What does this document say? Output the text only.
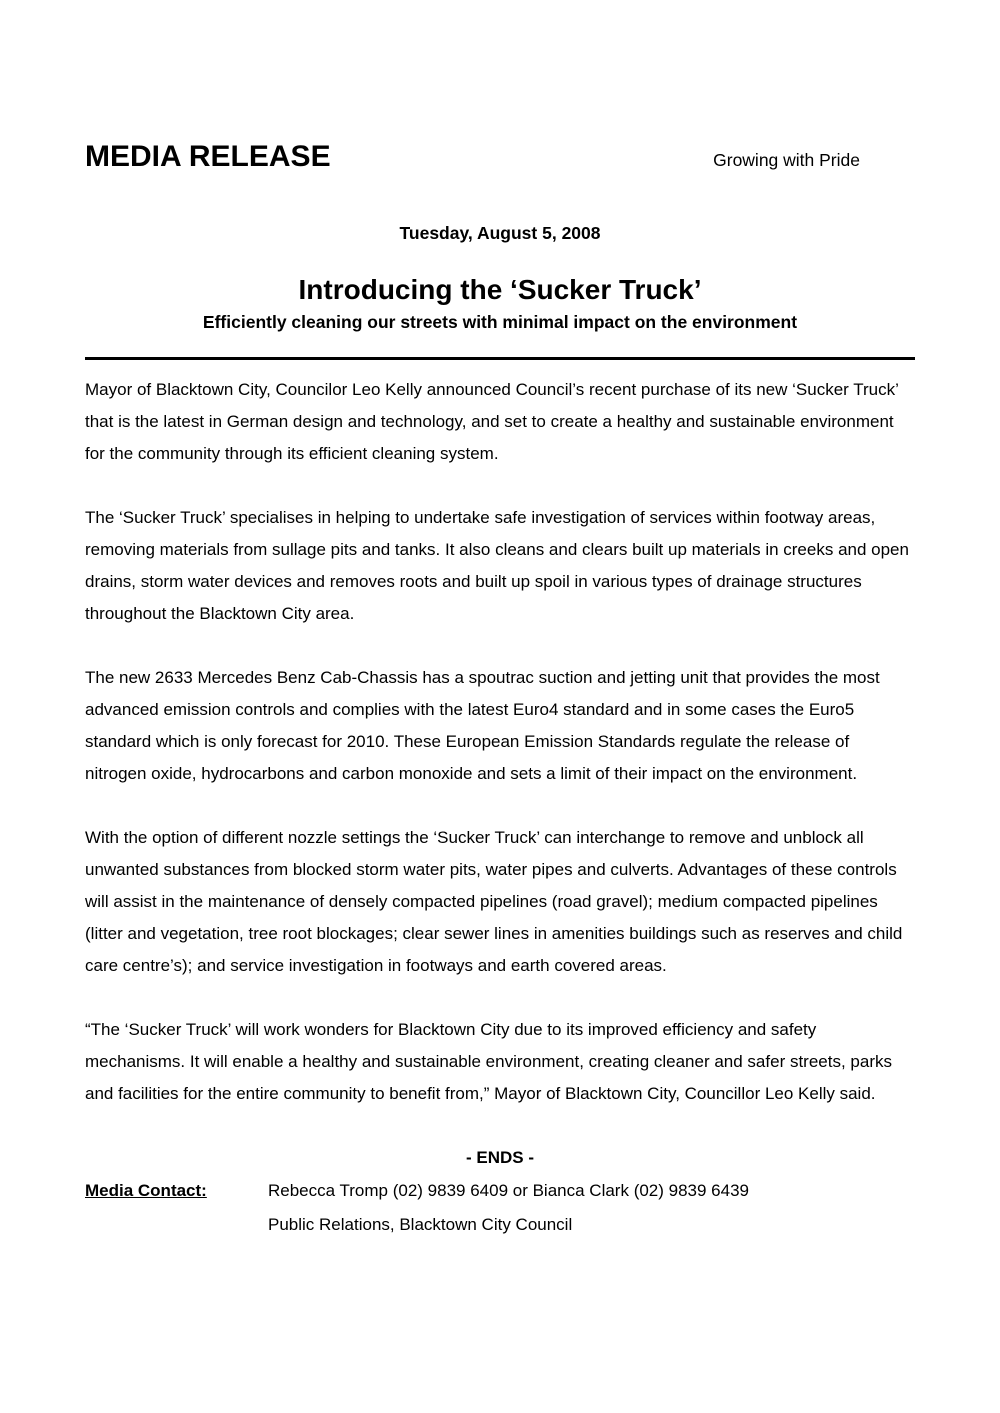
MEDIA RELEASE	Growing with Pride
Tuesday, August 5, 2008
Introducing the ‘Sucker Truck’
Efficiently cleaning our streets with minimal impact on the environment

Mayor of Blacktown City, Councilor Leo Kelly announced Council’s recent purchase of its new ‘Sucker Truck’ that is the latest in German design and technology, and set to create a healthy and sustainable environment for the community through its efficient cleaning system.

The ‘Sucker Truck’ specialises in helping to undertake safe investigation of services within footway areas, removing materials from sullage pits and tanks. It also cleans and clears built up materials in creeks and open drains, storm water devices and removes roots and built up spoil in various types of drainage structures throughout the Blacktown City area.

The new 2633 Mercedes Benz Cab-Chassis has a spoutrac suction and jetting unit that provides the most advanced emission controls and complies with the latest Euro4 standard and in some cases the Euro5 standard which is only forecast for 2010. These European Emission Standards regulate the release of nitrogen oxide, hydrocarbons and carbon monoxide and sets a limit of their impact on the environment.

With the option of different nozzle settings the ‘Sucker Truck’ can interchange to remove and unblock all unwanted substances from blocked storm water pits, water pipes and culverts. Advantages of these controls will assist in the maintenance of densely compacted pipelines (road gravel); medium compacted pipelines (litter and vegetation, tree root blockages; clear sewer lines in amenities buildings such as reserves and child care centre’s); and service investigation in footways and earth covered areas.

“The ‘Sucker Truck’ will work wonders for Blacktown City due to its improved efficiency and safety mechanisms. It will enable a healthy and sustainable environment, creating cleaner and safer streets, parks and facilities for the entire community to benefit from,” Mayor of Blacktown City, Councillor Leo Kelly said.

- ENDS -
Media Contact:	Rebecca Tromp (02) 9839 6409 or Bianca Clark (02) 9839 6439
Public Relations, Blacktown City Council
